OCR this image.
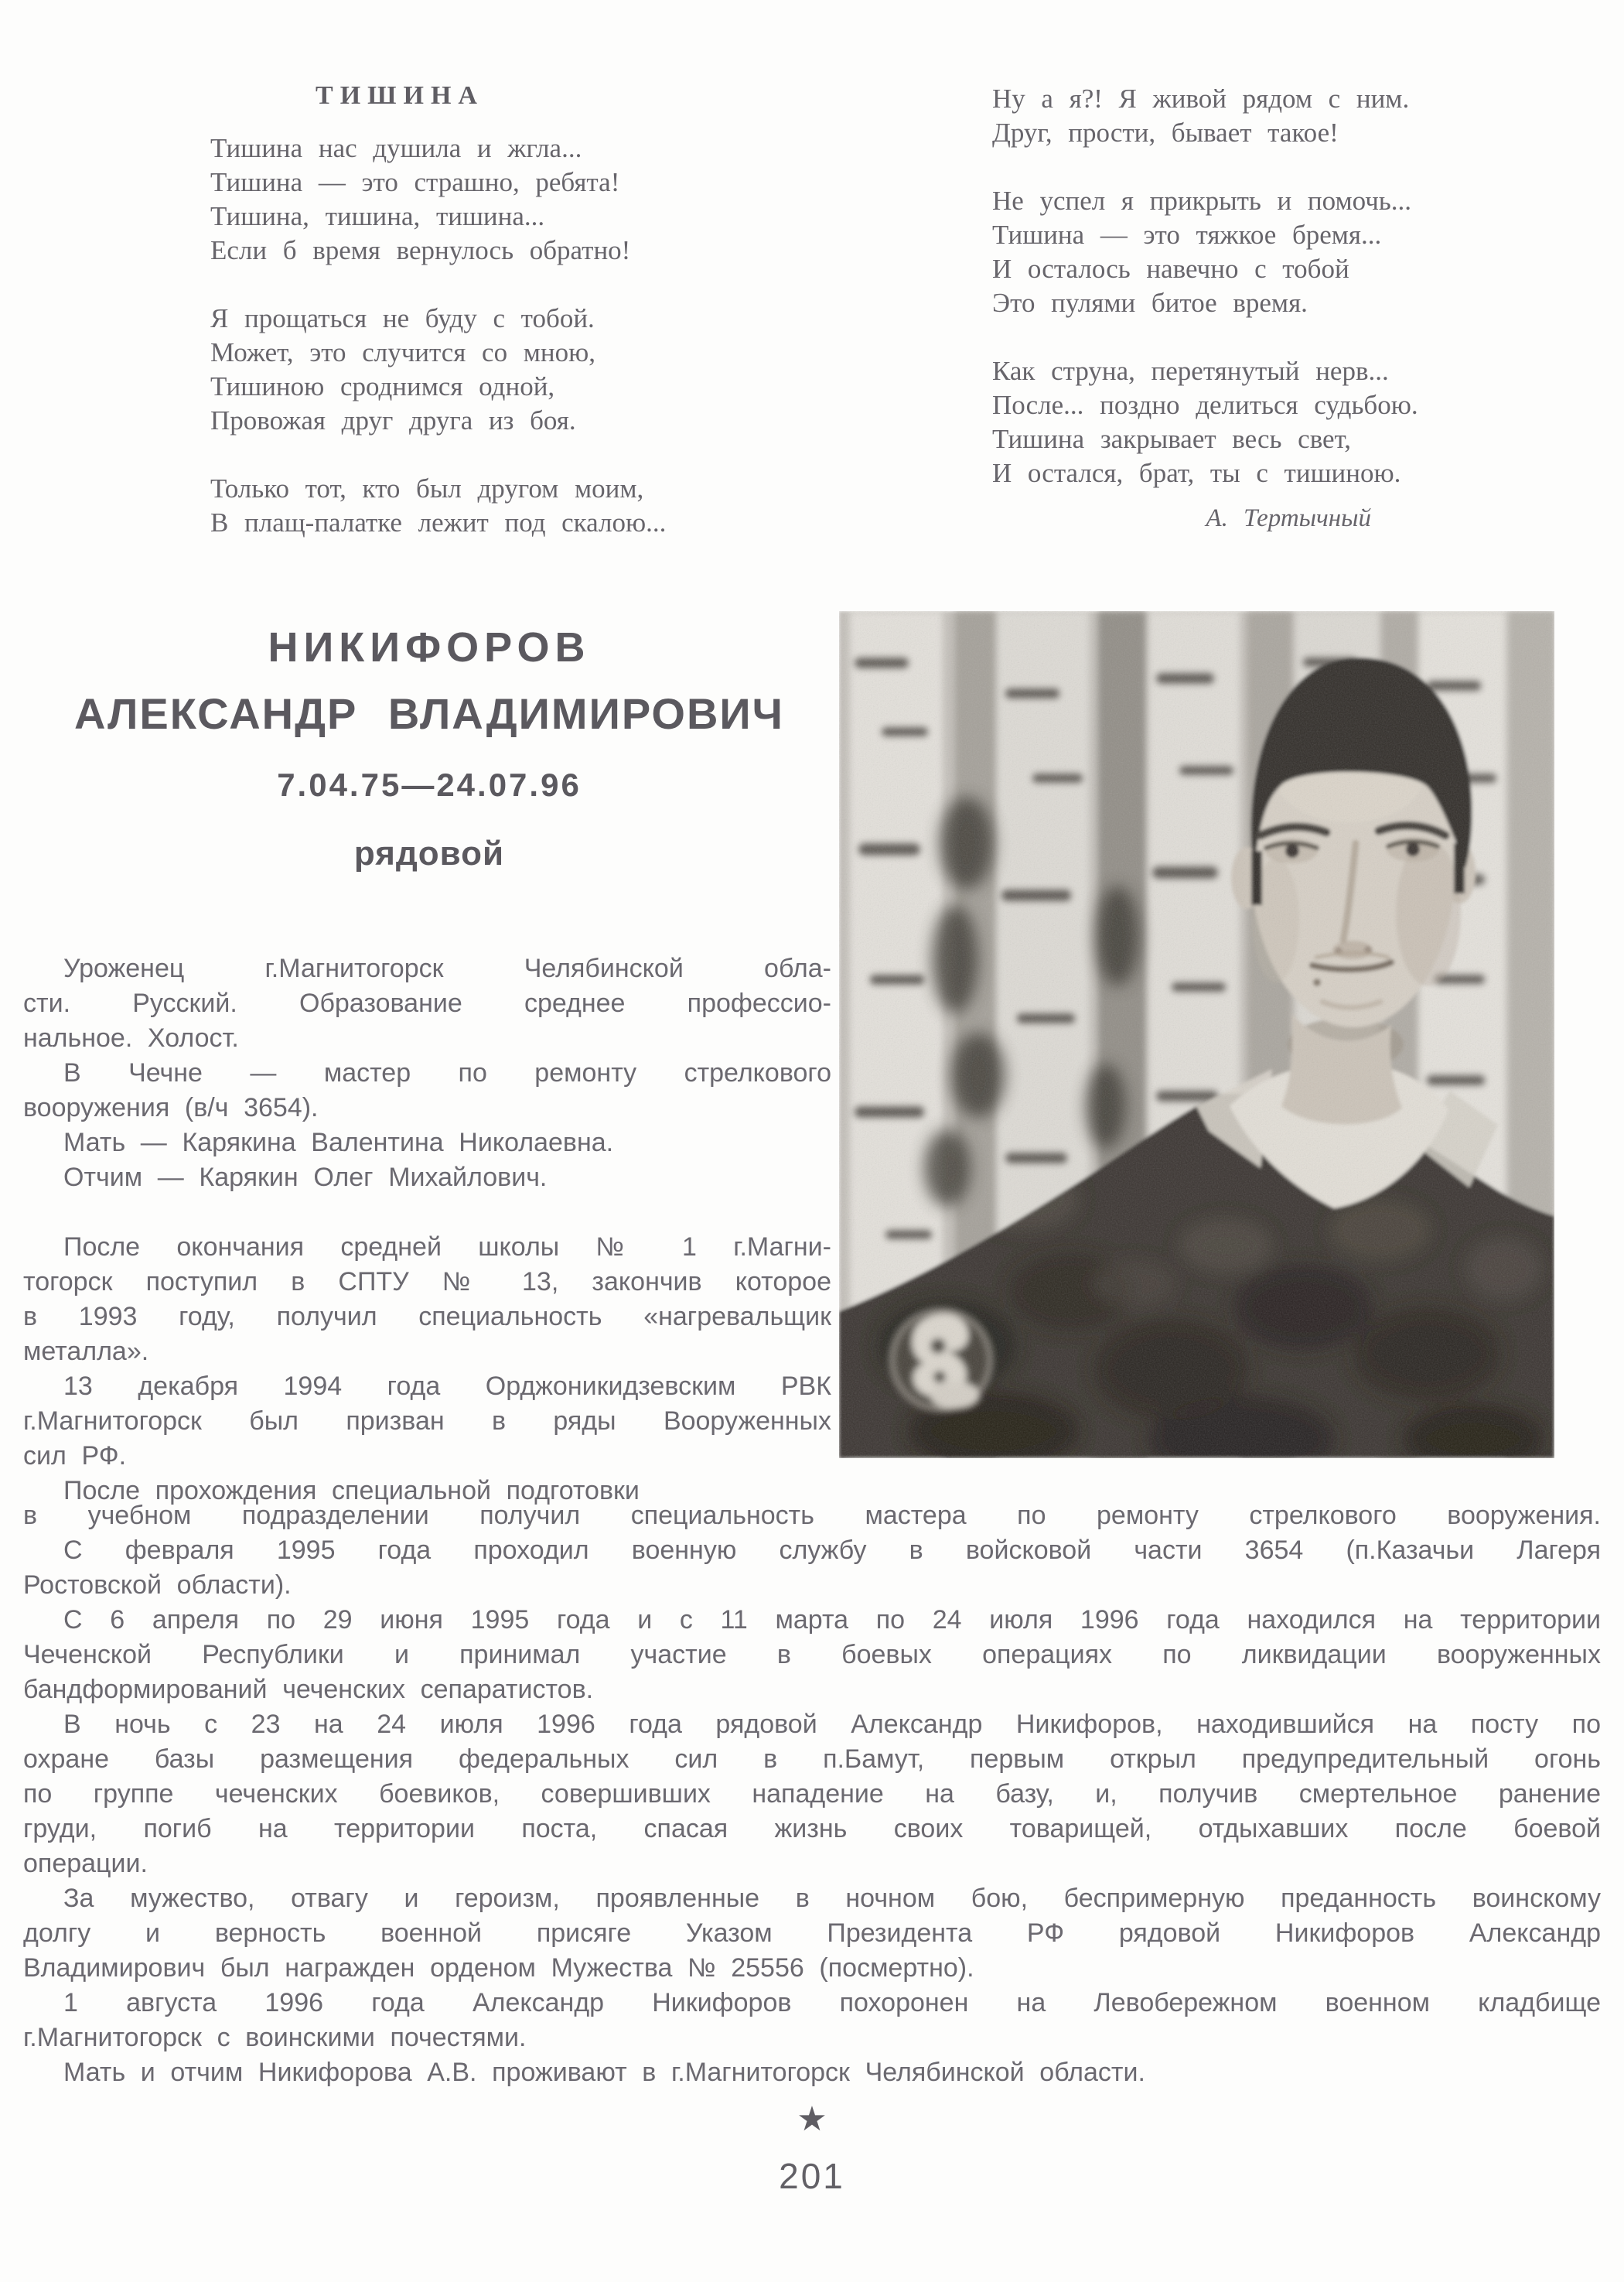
ТИШИНА
Тишина нас душила и жгла...
Тишина — это страшно, ребята!
Тишина, тишина, тишина...
Если б время вернулось обратно!
Я прощаться не буду с тобой.
Может, это случится со мною,
Тишиною сроднимся одной,
Провожая друг друга из боя.
Только тот, кто был другом моим,
В плащ-палатке лежит под скалою...
Ну а я?! Я живой рядом с ним.
Друг, прости, бывает такое!
Не успел я прикрыть и помочь...
Тишина — это тяжкое бремя...
И осталось навечно с тобой
Это пулями битое время.
Как струна, перетянутый нерв...
После... поздно делиться судьбою.
Тишина закрывает весь свет,
И остался, брат, ты с тишиною.
А. Тертычный
НИКИФОРОВ
АЛЕКСАНДР ВЛАДИМИРОВИЧ
7.04.75—24.07.96
рядовой
Уроженец г.Магнитогорск Челябинской обла-
сти. Русский. Образование среднее профессио-
нальное. Холост.
В Чечне — мастер по ремонту стрелкового
вооружения (в/ч 3654).
Мать — Карякина Валентина Николаевна.
Отчим — Карякин Олег Михайлович.
После окончания средней школы № 1 г.Магни-
тогорск поступил в СПТУ № 13, закончив которое
в 1993 году, получил специальность «нагревальщик
металла».
13 декабря 1994 года Орджоникидзевским РВК
г.Магнитогорск был призван в ряды Вооруженных
сил РФ.
После прохождения специальной подготовки
в учебном подразделении получил специальность мастера по ремонту стрелкового вооружения.
С февраля 1995 года проходил военную службу в войсковой части 3654 (п.Казачьи Лагеря
Ростовской области).
С 6 апреля по 29 июня 1995 года и с 11 марта по 24 июля 1996 года находился на территории
Чеченской Республики и принимал участие в боевых операциях по ликвидации вооруженных
бандформирований чеченских сепаратистов.
В ночь с 23 на 24 июля 1996 года рядовой Александр Никифоров, находившийся на посту по
охране базы размещения федеральных сил в п.Бамут, первым открыл предупредительный огонь
по группе чеченских боевиков, совершивших нападение на базу, и, получив смертельное ранение
груди, погиб на территории поста, спасая жизнь своих товарищей, отдыхавших после боевой
операции.
За мужество, отвагу и героизм, проявленные в ночном бою, беспримерную преданность воинскому
долгу и верность военной присяге Указом Президента РФ рядовой Никифоров Александр
Владимирович был награжден орденом Мужества № 25556 (посмертно).
1 августа 1996 года Александр Никифоров похоронен на Левобережном военном кладбище
г.Магнитогорск с воинскими почестями.
Мать и отчим Никифорова А.В. проживают в г.Магнитогорск Челябинской области.
★
201
